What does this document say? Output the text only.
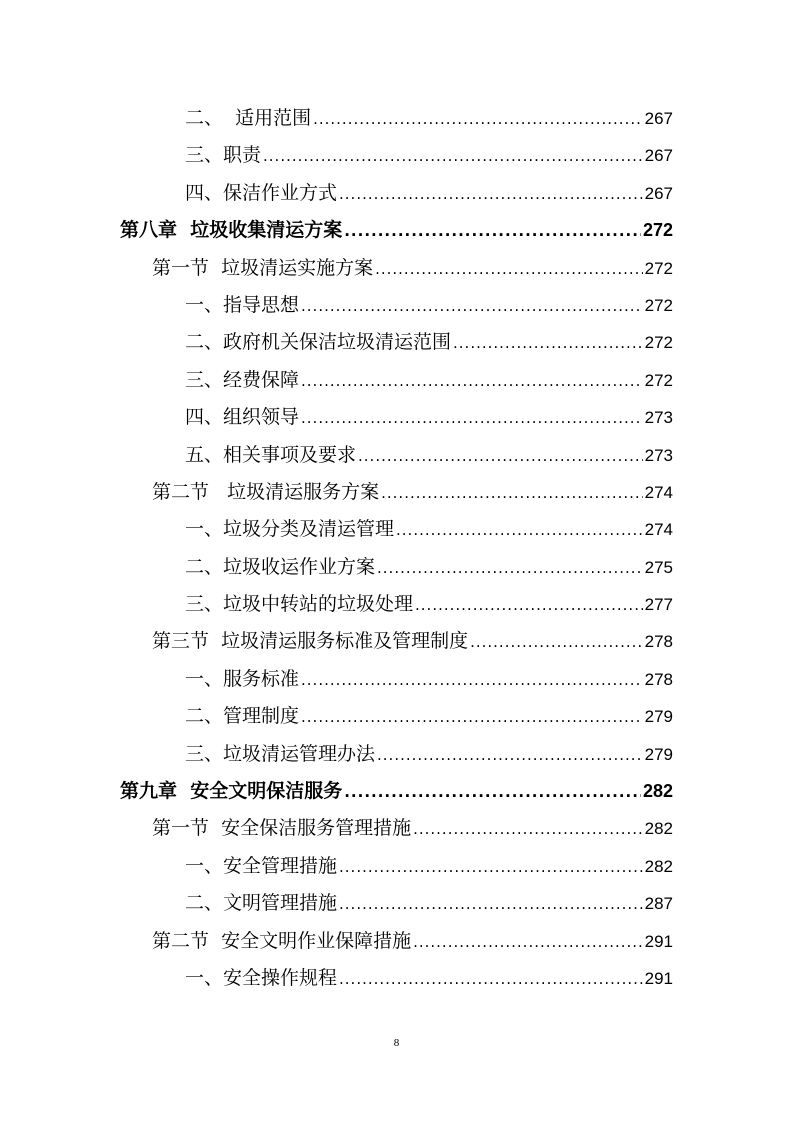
二、  适用范围 .....	267
三、职责 .....	267
四、保洁作业方式 .....	267
第八章  垃圾收集清运方案 .....	272
第一节  垃圾清运实施方案 .....	272
一、指导思想 .....	272
二、政府机关保洁垃圾清运范围 .....	272
三、经费保障 .....	272
四、组织领导 .....	273
五、相关事项及要求 .....	273
第二节   垃圾清运服务方案 .....	274
一、垃圾分类及清运管理 .....	274
二、垃圾收运作业方案 .....	275
三、垃圾中转站的垃圾处理 .....	277
第三节  垃圾清运服务标准及管理制度 .....	278
一、服务标准 .....	278
二、管理制度 .....	279
三、垃圾清运管理办法 .....	279
第九章  安全文明保洁服务 .....	282
第一节  安全保洁服务管理措施 .....	282
一、安全管理措施 .....	282
二、文明管理措施 .....	287
第二节  安全文明作业保障措施 .....	291
一、安全操作规程 .....	291
8
